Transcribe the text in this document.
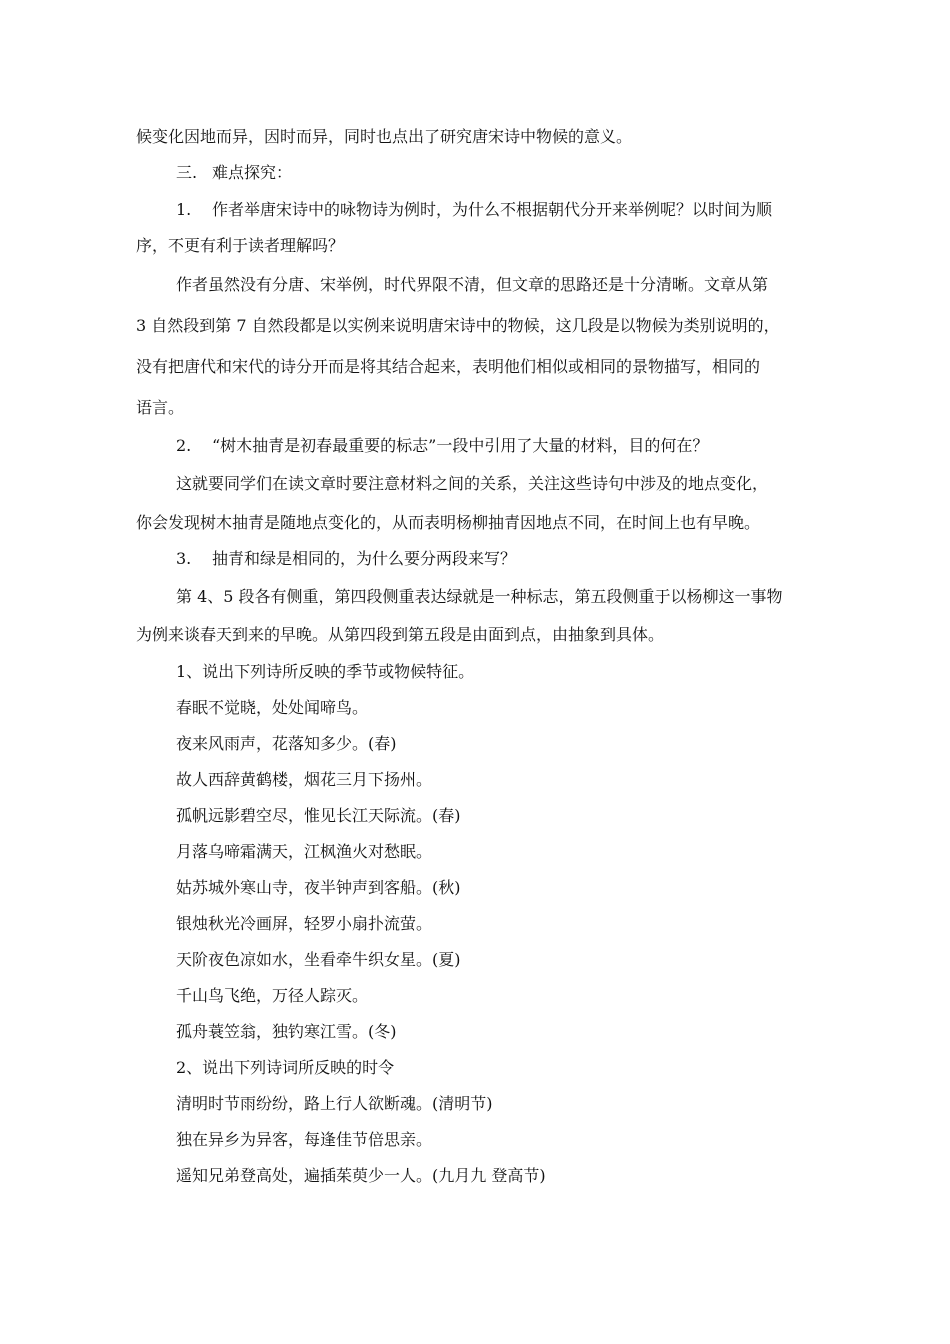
候变化因地而异，因时而异，同时也点出了研究唐宋诗中物候的意义。
三. 难点探究：
1. 作者举唐宋诗中的咏物诗为例时，为什么不根据朝代分开来举例呢？以时间为顺
序，不更有利于读者理解吗？
作者虽然没有分唐、宋举例，时代界限不清，但文章的思路还是十分清晰。文章从第
3 自然段到第 7 自然段都是以实例来说明唐宋诗中的物候，这几段是以物候为类别说明的，
没有把唐代和宋代的诗分开而是将其结合起来，表明他们相似或相同的景物描写，相同的
语言。
2. “树木抽青是初春最重要的标志”一段中引用了大量的材料，目的何在？
这就要同学们在读文章时要注意材料之间的关系，关注这些诗句中涉及的地点变化，
你会发现树木抽青是随地点变化的，从而表明杨柳抽青因地点不同，在时间上也有早晚。
3. 抽青和绿是相同的，为什么要分两段来写？
第 4、5 段各有侧重，第四段侧重表达绿就是一种标志，第五段侧重于以杨柳这一事物
为例来谈春天到来的早晚。从第四段到第五段是由面到点，由抽象到具体。
1、说出下列诗所反映的季节或物候特征。
春眠不觉晓，处处闻啼鸟。
夜来风雨声，花落知多少。(春)
故人西辞黄鹤楼，烟花三月下扬州。
孤帆远影碧空尽，惟见长江天际流。(春)
月落乌啼霜满天，江枫渔火对愁眠。
姑苏城外寒山寺，夜半钟声到客船。(秋)
银烛秋光冷画屏，轻罗小扇扑流萤。
天阶夜色凉如水，坐看牵牛织女星。(夏)
千山鸟飞绝，万径人踪灭。
孤舟蓑笠翁，独钓寒江雪。(冬)
2、说出下列诗词所反映的时令
清明时节雨纷纷，路上行人欲断魂。(清明节)
独在异乡为异客，每逢佳节倍思亲。
遥知兄弟登高处，遍插茱萸少一人。(九月九 登高节)
